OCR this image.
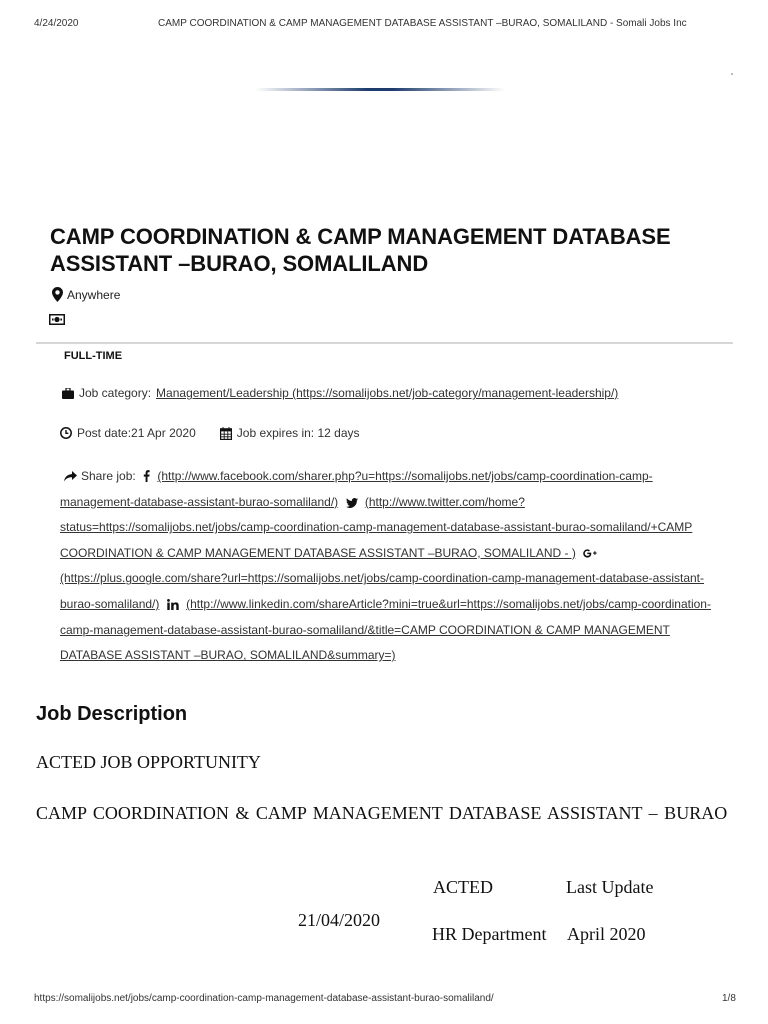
4/24/2020	CAMP COORDINATION & CAMP MANAGEMENT DATABASE ASSISTANT –BURAO, SOMALILAND - Somali Jobs Inc
CAMP COORDINATION & CAMP MANAGEMENT DATABASE ASSISTANT –BURAO, SOMALILAND
Anywhere
FULL-TIME
Job category: Management/Leadership (https://somalijobs.net/job-category/management-leadership/)
Post date:21 Apr 2020	Job expires in: 12 days
Share job: (http://www.facebook.com/sharer.php?u=https://somalijobs.net/jobs/camp-coordination-camp-management-database-assistant-burao-somaliland/) (http://www.twitter.com/home?status=https://somalijobs.net/jobs/camp-coordination-camp-management-database-assistant-burao-somaliland/+CAMP COORDINATION & CAMP MANAGEMENT DATABASE ASSISTANT –BURAO, SOMALILAND - )
(https://plus.google.com/share?url=https://somalijobs.net/jobs/camp-coordination-camp-management-database-assistant-burao-somaliland/) (http://www.linkedin.com/shareArticle?mini=true&url=https://somalijobs.net/jobs/camp-coordination-camp-management-database-assistant-burao-somaliland/&title=CAMP COORDINATION & CAMP MANAGEMENT DATABASE ASSISTANT –BURAO, SOMALILAND&summary=)
Job Description
ACTED JOB OPPORTUNITY
CAMP COORDINATION & CAMP MANAGEMENT DATABASE ASSISTANT – BURAO
ACTED	Last Update
21/04/2020
HR Department April 2020
https://somalijobs.net/jobs/camp-coordination-camp-management-database-assistant-burao-somaliland/	1/8
